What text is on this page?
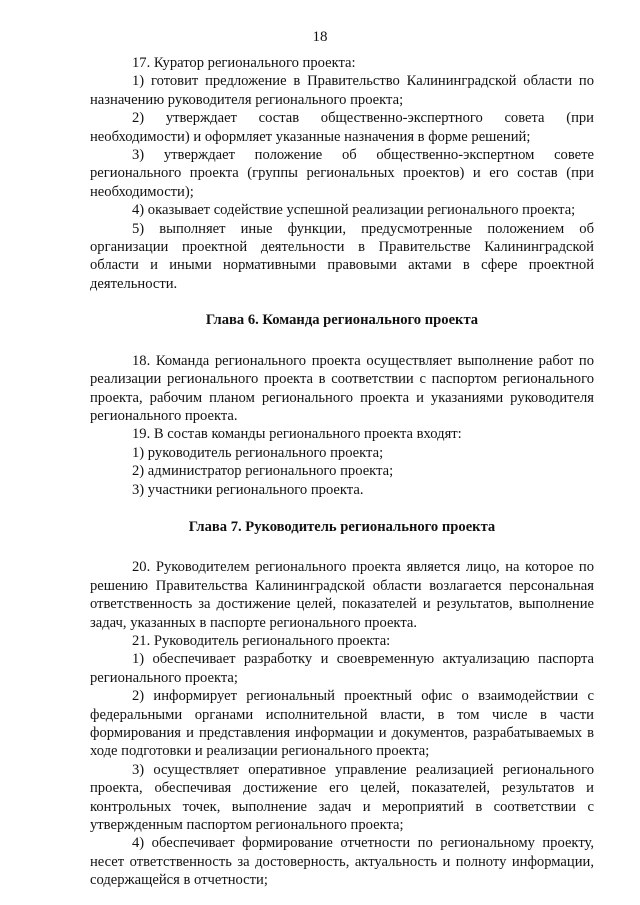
18

17. Куратор регионального проекта:

1) готовит предложение в Правительство Калининградской области по назначению руководителя регионального проекта;

2) утверждает состав общественно-экспертного совета (при необходимости) и оформляет указанные назначения в форме решений;

3) утверждает положение об общественно-экспертном совете регионального проекта (группы региональных проектов) и его состав (при необходимости);

4) оказывает содействие успешной реализации регионального проекта;

5) выполняет иные функции, предусмотренные положением об организации проектной деятельности в Правительстве Калининградской области и иными нормативными правовыми актами в сфере проектной деятельности.

Глава 6. Команда регионального проекта

18. Команда регионального проекта осуществляет выполнение работ по реализации регионального проекта в соответствии с паспортом регионального проекта, рабочим планом регионального проекта и указаниями руководителя регионального проекта.

19. В состав команды регионального проекта входят:

1) руководитель регионального проекта;

2) администратор регионального проекта;

3) участники регионального проекта.

Глава 7. Руководитель регионального проекта

20. Руководителем регионального проекта является лицо, на которое по решению Правительства Калининградской области возлагается персональная ответственность за достижение целей, показателей и результатов, выполнение задач, указанных в паспорте регионального проекта.

21. Руководитель регионального проекта:

1) обеспечивает разработку и своевременную актуализацию паспорта регионального проекта;

2) информирует региональный проектный офис о взаимодействии с федеральными органами исполнительной власти, в том числе в части формирования и представления информации и документов, разрабатываемых в ходе подготовки и реализации регионального проекта;

3) осуществляет оперативное управление реализацией регионального проекта, обеспечивая достижение его целей, показателей, результатов и контрольных точек, выполнение задач и мероприятий в соответствии с утвержденным паспортом регионального проекта;

4) обеспечивает формирование отчетности по региональному проекту, несет ответственность за достоверность, актуальность и полноту информации, содержащейся в отчетности;
